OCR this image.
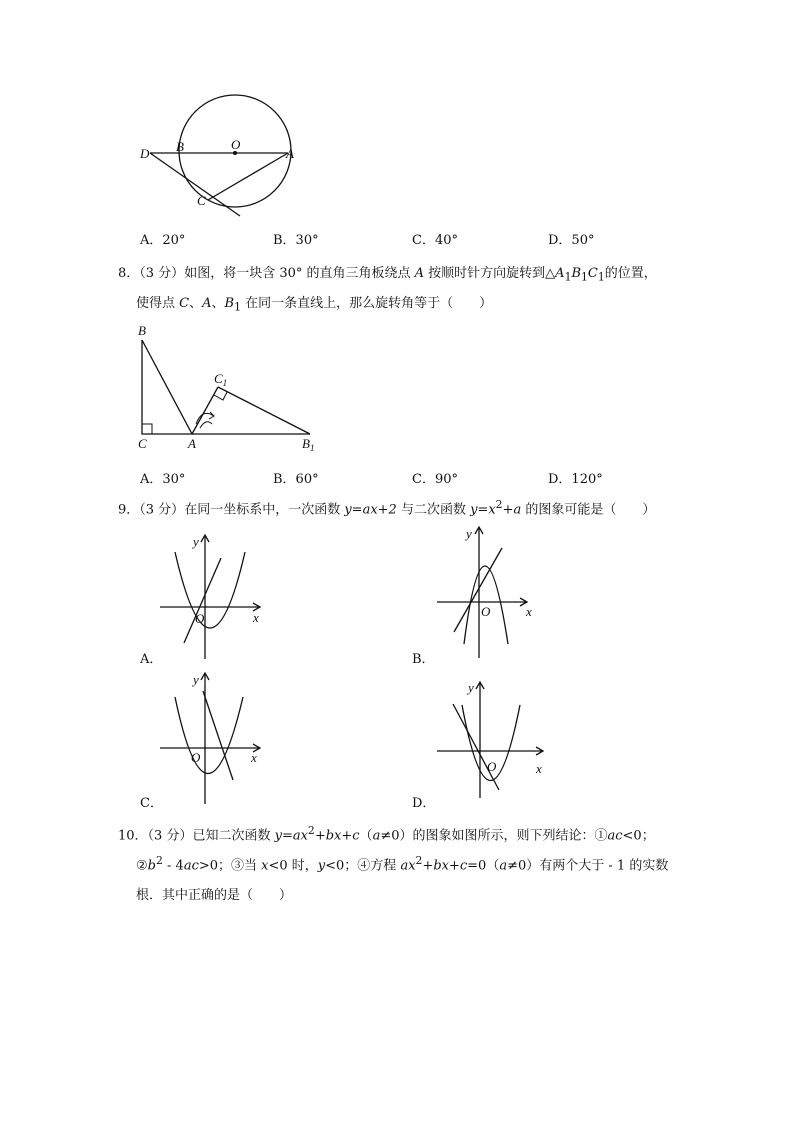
D B	O
A
C
A．20°	B．30°	C．40°	D．50°
8．（3 分）如图，将一块含 30° 的直角三角板绕点 A 按顺时针方向旋转到$\triangle A_1B_1C_1$的位置，
使得点 C、A、$B_1$ 在同一条直线上，那么旋转角等于（　　）
B
C	A
$C_1$
$B_1$
A．30°	B．60°	C．90°	D．120°
9．（3 分）在同一坐标系中，一次函数 y=ax+2 与二次函数 $y=x^2+a$ 的图象可能是（　　）
x
y
O
A．
x
y
O
B．
x
y
O
C．
x
y
O
D．
10．（3 分）已知二次函数 $y=ax^2+bx+c(a\ne 0)$的图象如图所示，则下列结论：①ac<0；
$②b^2 - 4ac>0$；③当 x<0 时，y<0；④方程 $ax^2+bx+c=0(a\ne 0)$有两个大于 - 1 的实数
根．其中正确的是（　　）
